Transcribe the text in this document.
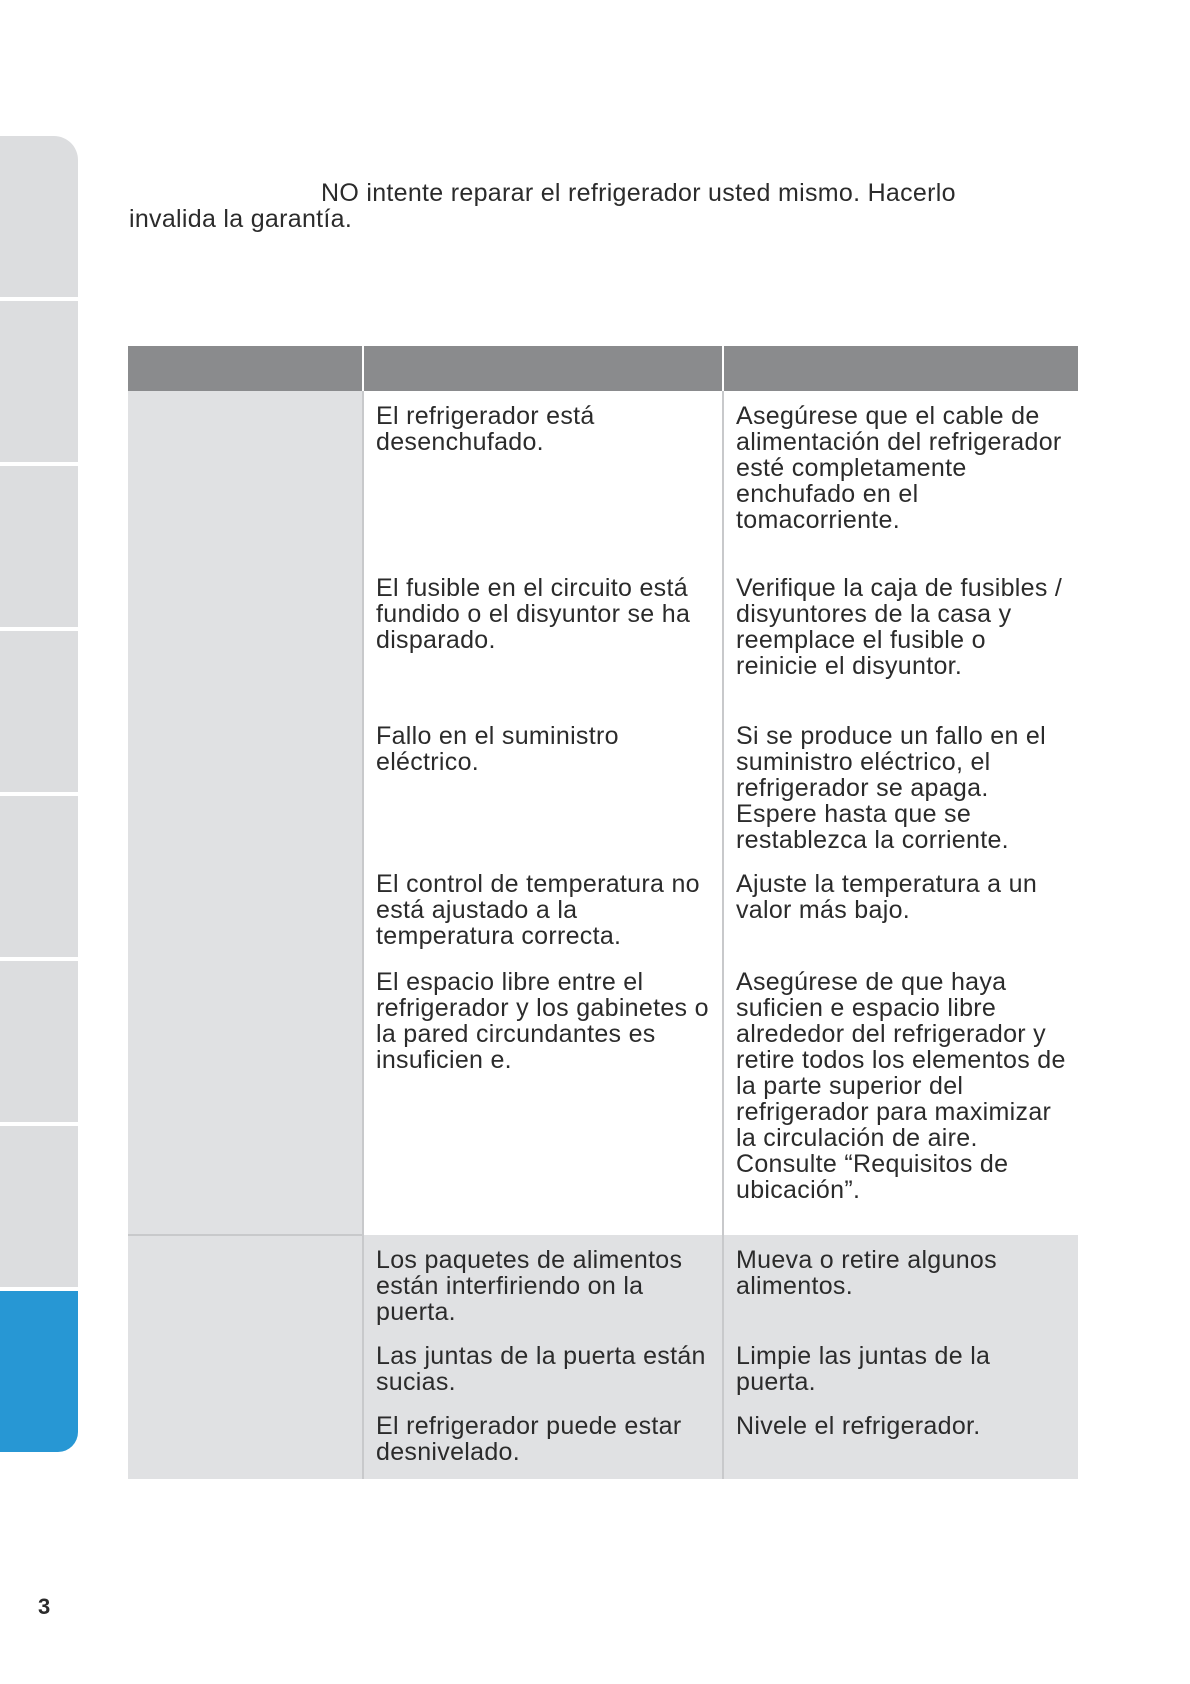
NO intente reparar el refrigerador usted mismo. Hacerlo
invalida la garantía.

	El refrigerador está desenchufado.	Asegúrese que el cable de alimentación del refrigerador esté completamente enchufado en el tomacorriente.
	El fusible en el circuito está fundido o el disyuntor se ha disparado.	Verifique la caja de fusibles / disyuntores de la casa y reemplace el fusible o reinicie el disyuntor.
	Fallo en el suministro eléctrico.	Si se produce un fallo en el suministro eléctrico, el refrigerador se apaga. Espere hasta que se restablezca la corriente.
	El control de temperatura no está ajustado a la temperatura correcta.	Ajuste la temperatura a un valor más bajo.
	El espacio libre entre el refrigerador y los gabinetes o la pared circundantes es insuficien e.	Asegúrese de que haya suficien e espacio libre alrededor del refrigerador y retire todos los elementos de la parte superior del refrigerador para maximizar la circulación de aire. Consulte “Requisitos de ubicación”.
	Los paquetes de alimentos están interfiriendo on la puerta.	Mueva o retire algunos alimentos.
	Las juntas de la puerta están sucias.	Limpie las juntas de la puerta.
	El refrigerador puede estar desnivelado.	Nivele el refrigerador.
3
